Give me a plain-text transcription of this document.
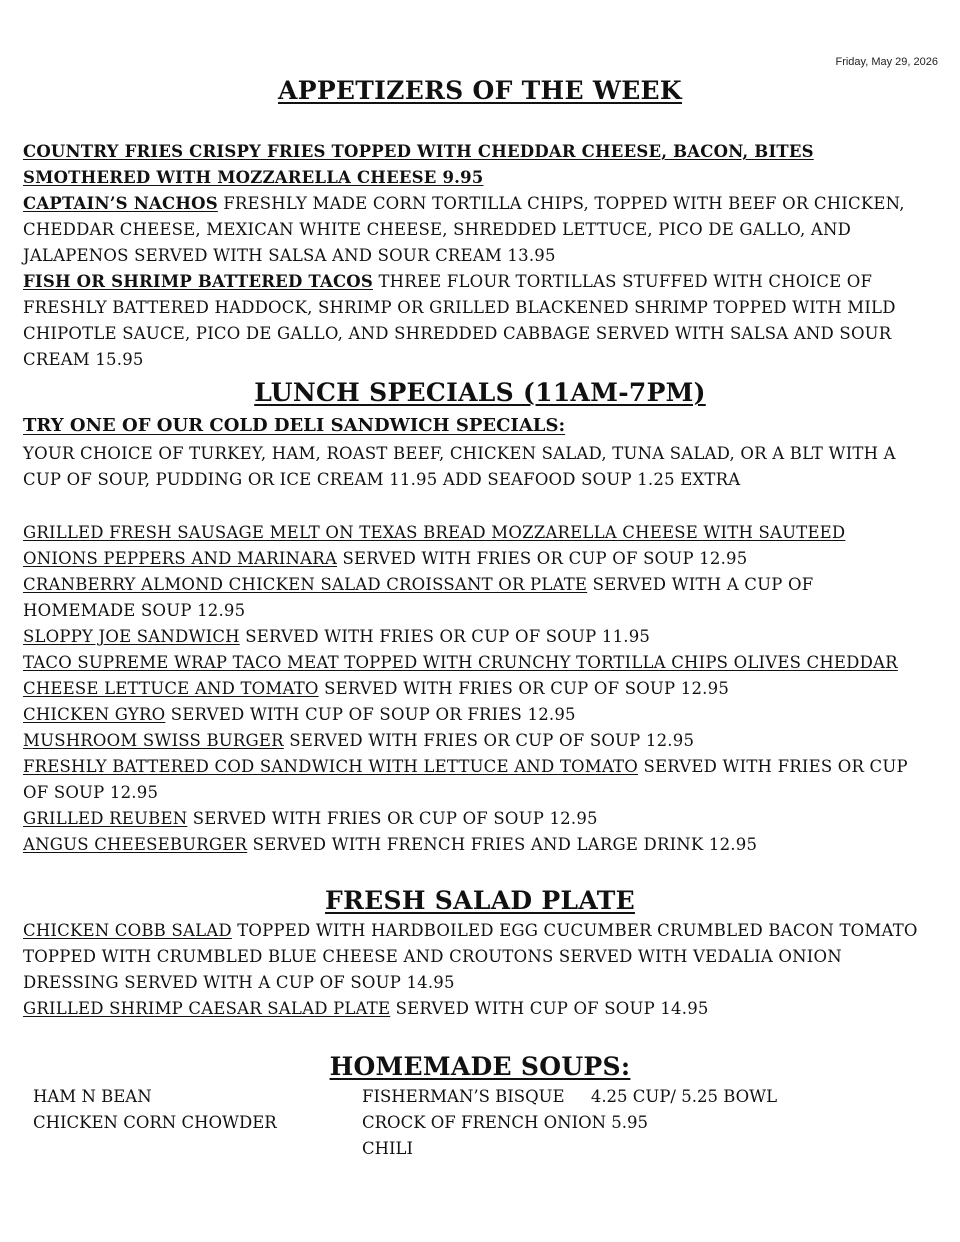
Friday, May 29, 2026
APPETIZERS OF THE WEEK
COUNTRY FRIES CRISPY FRIES TOPPED WITH CHEDDAR CHEESE, BACON, BITES SMOTHERED WITH MOZZARELLA CHEESE 9.95
CAPTAIN’S NACHOS FRESHLY MADE CORN TORTILLA CHIPS, TOPPED WITH BEEF OR CHICKEN, CHEDDAR CHEESE, MEXICAN WHITE CHEESE, SHREDDED LETTUCE, PICO DE GALLO, AND JALAPENOS SERVED WITH SALSA AND SOUR CREAM 13.95
FISH OR SHRIMP BATTERED TACOS THREE FLOUR TORTILLAS STUFFED WITH CHOICE OF FRESHLY BATTERED HADDOCK, SHRIMP OR GRILLED BLACKENED SHRIMP TOPPED WITH MILD CHIPOTLE SAUCE, PICO DE GALLO, AND SHREDDED CABBAGE SERVED WITH SALSA AND SOUR CREAM 15.95
LUNCH SPECIALS (11AM-7PM)
TRY ONE OF OUR COLD DELI SANDWICH SPECIALS:
YOUR CHOICE OF TURKEY, HAM, ROAST BEEF, CHICKEN SALAD, TUNA SALAD, OR A BLT WITH A CUP OF SOUP, PUDDING OR ICE CREAM 11.95 ADD SEAFOOD SOUP 1.25 EXTRA
GRILLED FRESH SAUSAGE MELT ON TEXAS BREAD MOZZARELLA CHEESE WITH SAUTEED ONIONS PEPPERS AND MARINARA SERVED WITH FRIES OR CUP OF SOUP 12.95
CRANBERRY ALMOND CHICKEN SALAD CROISSANT OR PLATE SERVED WITH A CUP OF HOMEMADE SOUP 12.95
SLOPPY JOE SANDWICH SERVED WITH FRIES OR CUP OF SOUP 11.95
TACO SUPREME WRAP TACO MEAT TOPPED WITH CRUNCHY TORTILLA CHIPS OLIVES CHEDDAR CHEESE LETTUCE AND TOMATO SERVED WITH FRIES OR CUP OF SOUP 12.95
CHICKEN GYRO SERVED WITH CUP OF SOUP OR FRIES 12.95
MUSHROOM SWISS BURGER SERVED WITH FRIES OR CUP OF SOUP 12.95
FRESHLY BATTERED COD SANDWICH WITH LETTUCE AND TOMATO SERVED WITH FRIES OR CUP OF SOUP 12.95
GRILLED REUBEN SERVED WITH FRIES OR CUP OF SOUP 12.95
ANGUS CHEESEBURGER SERVED WITH FRENCH FRIES AND LARGE DRINK 12.95
FRESH SALAD PLATE
CHICKEN COBB SALAD TOPPED WITH HARDBOILED EGG CUCUMBER CRUMBLED BACON TOMATO TOPPED WITH CRUMBLED BLUE CHEESE AND CROUTONS SERVED WITH VEDALIA ONION DRESSING SERVED WITH A CUP OF SOUP 14.95
GRILLED SHRIMP CAESAR SALAD PLATE SERVED WITH CUP OF SOUP 14.95
HOMEMADE SOUPS:
HAM N BEAN
CHICKEN CORN CHOWDER
FISHERMAN’S BISQUE     4.25 CUP/ 5.25 BOWL
CROCK OF FRENCH ONION 5.95
CHILI
